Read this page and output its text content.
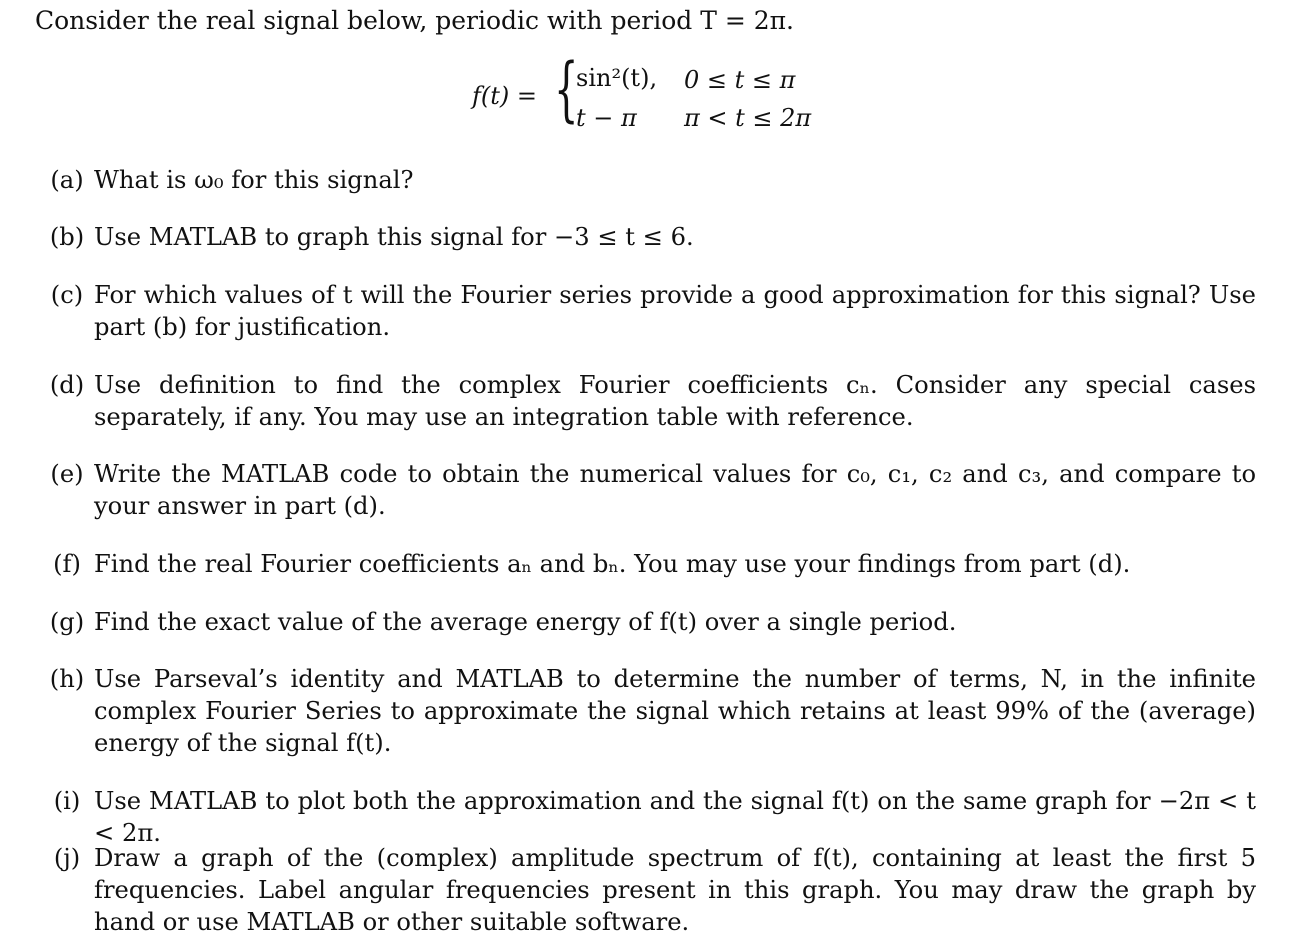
Consider the real signal below, periodic with period T = 2π.
f(t) = {
sin²(t),
t − π
0 ≤ t ≤ π
π < t ≤ 2π
(a) What is ω₀ for this signal?
(b) Use MATLAB to graph this signal for −3 ≤ t ≤ 6.
(c) For which values of t will the Fourier series provide a good approximation for this signal? Use part (b) for justification.
(d) Use definition to find the complex Fourier coefficients cₙ. Consider any special cases separately, if any. You may use an integration table with reference.
(e) Write the MATLAB code to obtain the numerical values for c₀, c₁, c₂ and c₃, and compare to your answer in part (d).
(f) Find the real Fourier coefficients aₙ and bₙ. You may use your findings from part (d).
(g) Find the exact value of the average energy of f(t) over a single period.
(h) Use Parseval’s identity and MATLAB to determine the number of terms, N, in the infinite complex Fourier Series to approximate the signal which retains at least 99% of the (average) energy of the signal f(t).
(i) Use MATLAB to plot both the approximation and the signal f(t) on the same graph for −2π < t < 2π.
(j) Draw a graph of the (complex) amplitude spectrum of f(t), containing at least the first 5 frequencies. Label angular frequencies present in this graph. You may draw the graph by hand or use MATLAB or other suitable software.
